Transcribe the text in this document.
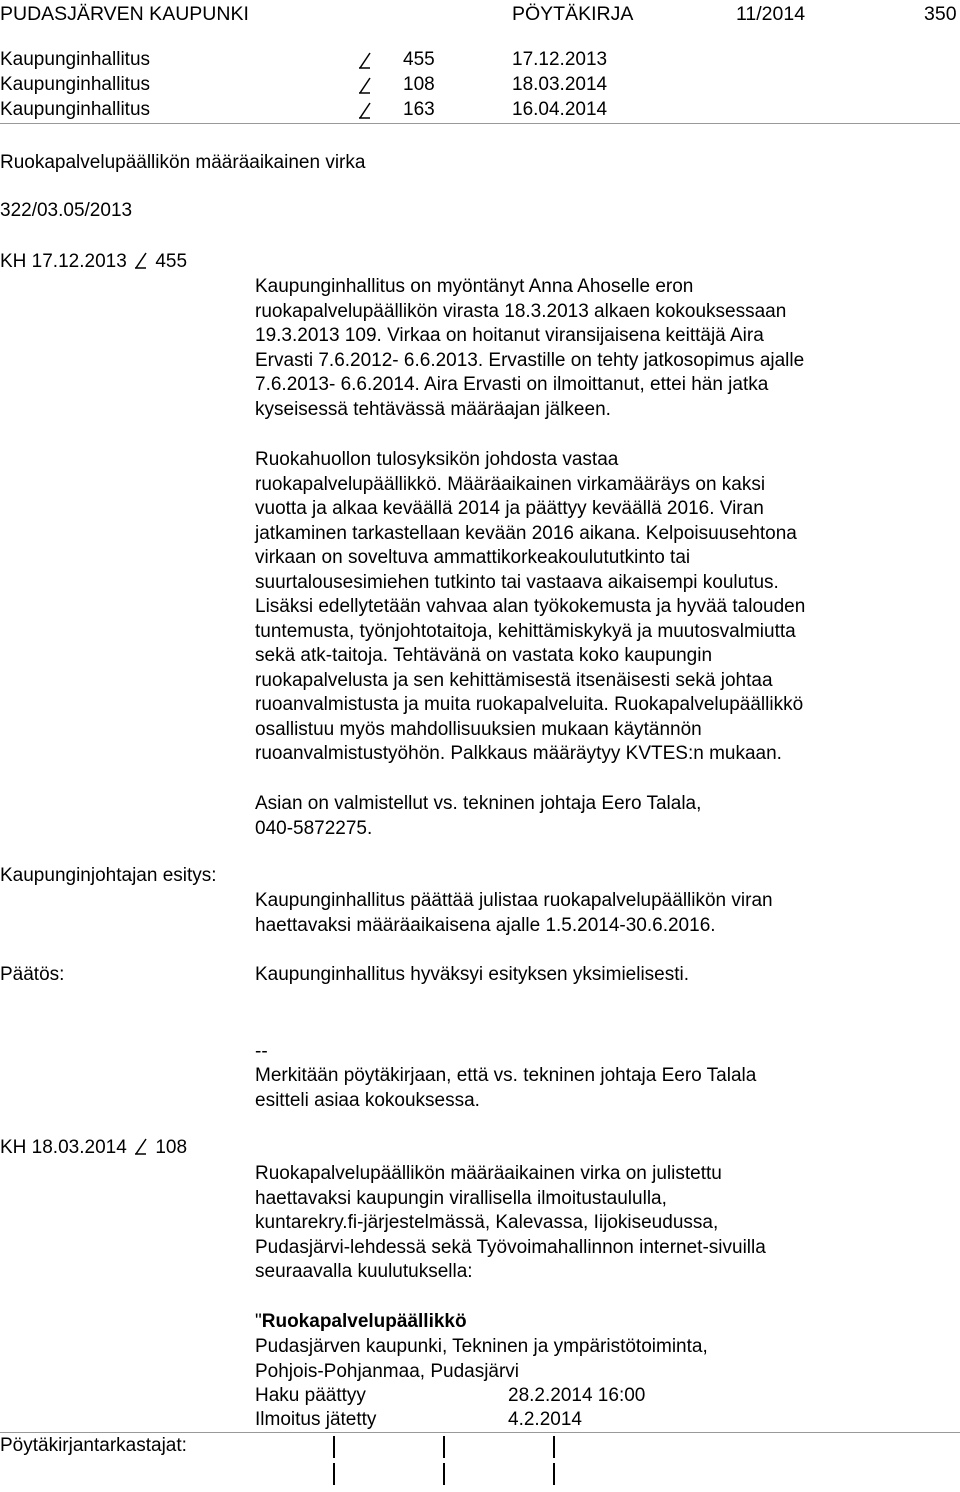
PUDASJÄRVEN KAUPUNKI	PÖYTÄKIRJA	11/2014	350
Kaupunginhallitus	455	17.12.2013
Kaupunginhallitus	108	18.03.2014
Kaupunginhallitus	163	16.04.2014
Ruokapalvelupäällikön määräaikainen virka
322/03.05/2013
KH 17.12.2013 455
Kaupunginhallitus on myöntänyt Anna Ahoselle eron
ruokapalvelupäällikön virasta 18.3.2013 alkaen kokouksessaan
19.3.2013 109. Virkaa on hoitanut viransijaisena keittäjä Aira
Ervasti 7.6.2012- 6.6.2013. Ervastille on tehty jatkosopimus ajalle
7.6.2013- 6.6.2014. Aira Ervasti on ilmoittanut, ettei hän jatka
kyseisessä tehtävässä määräajan jälkeen.
Ruokahuollon tulosyksikön johdosta vastaa
ruokapalvelupäällikkö. Määräaikainen virkamääräys on kaksi
vuotta ja alkaa keväällä 2014 ja päättyy keväällä 2016. Viran
jatkaminen tarkastellaan kevään 2016 aikana. Kelpoisuusehtona
virkaan on soveltuva ammattikorkeakoulututkinto tai
suurtalousesimiehen tutkinto tai vastaava aikaisempi koulutus.
Lisäksi edellytetään vahvaa alan työkokemusta ja hyvää talouden
tuntemusta, työnjohtotaitoja, kehittämiskykyä ja muutosvalmiutta
sekä atk-taitoja. Tehtävänä on vastata koko kaupungin
ruokapalvelusta ja sen kehittämisestä itsenäisesti sekä johtaa
ruoanvalmistusta ja muita ruokapalveluita. Ruokapalvelupäällikkö
osallistuu myös mahdollisuuksien mukaan käytännön
ruoanvalmistustyöhön. Palkkaus määräytyy KVTES:n mukaan.
Asian on valmistellut vs. tekninen johtaja Eero Talala,
040-5872275.
Kaupunginjohtajan esitys:
Kaupunginhallitus päättää julistaa ruokapalvelupäällikön viran
haettavaksi määräaikaisena ajalle 1.5.2014-30.6.2016.
Päätös:	Kaupunginhallitus hyväksyi esityksen yksimielisesti.
--
Merkitään pöytäkirjaan, että vs. tekninen johtaja Eero Talala
esitteli asiaa kokouksessa.
KH 18.03.2014 108
Ruokapalvelupäällikön määräaikainen virka on julistettu
haettavaksi kaupungin virallisella ilmoitustaululla,
kuntarekry.fi-järjestelmässä, Kalevassa, Iijokiseudussa,
Pudasjärvi-lehdessä sekä Työvoimahallinnon internet-sivuilla
seuraavalla kuulutuksella:
"Ruokapalvelupäällikkö
Pudasjärven kaupunki, Tekninen ja ympäristötoiminta,
Pohjois-Pohjanmaa, Pudasjärvi
Haku päättyy	28.2.2014 16:00
Ilmoitus jätetty	4.2.2014
Pöytäkirjantarkastajat:
